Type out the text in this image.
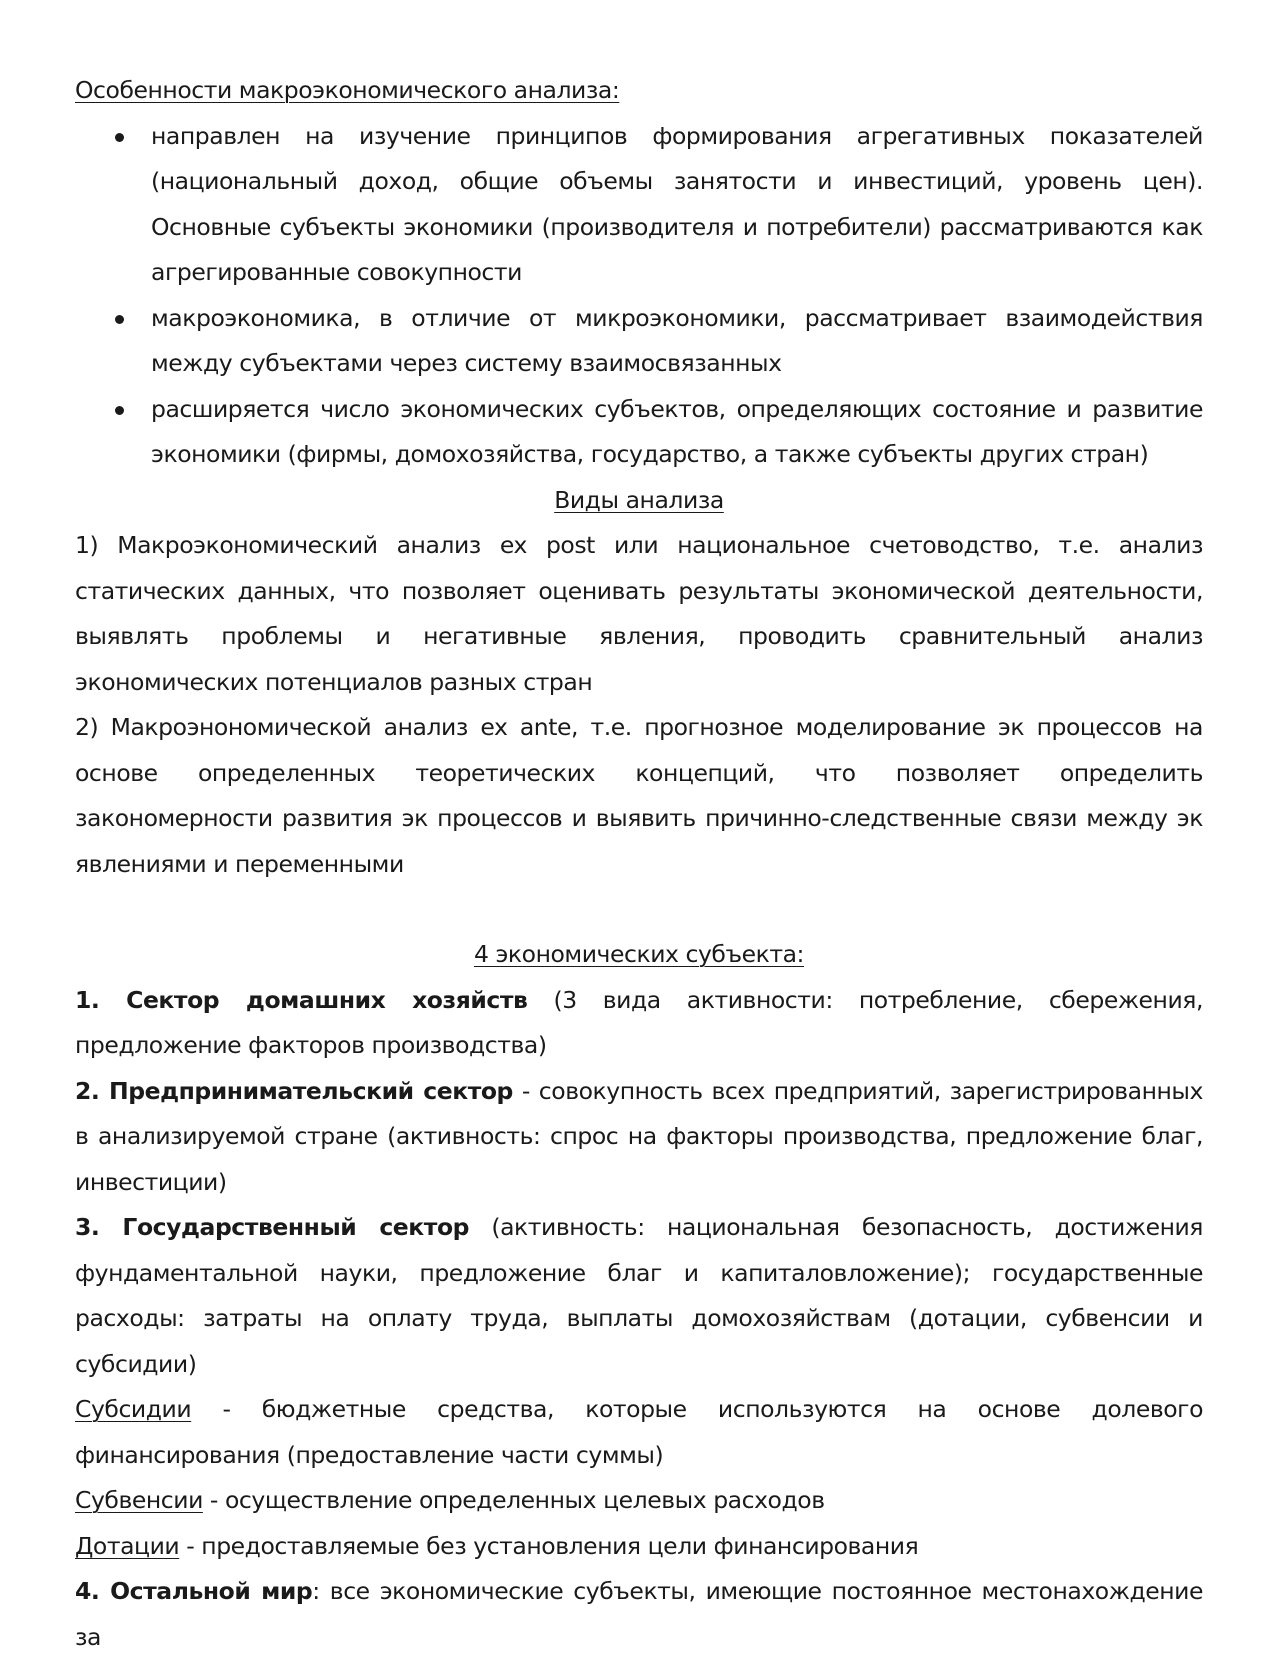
Особенности макроэкономического анализа:

направлен на изучение принципов формирования агрегативных показателей (национальный доход, общие объемы занятости и инвестиций, уровень цен). Основные субъекты экономики (производителя и потребители) рассматриваются как агрегированные совокупности
макроэкономика, в отличие от микроэкономики, рассматривает взаимодействия между субъектами через систему взаимосвязанных
расширяется число экономических субъектов, определяющих состояние и развитие экономики (фирмы, домохозяйства, государство, а также субъекты других стран)

Виды анализа

1) Макроэкономический анализ ex post или национальное счетоводство, т.е. анализ статических данных, что позволяет оценивать результаты экономической деятельности, выявлять проблемы и негативные явления, проводить сравнительный анализ экономических потенциалов разных стран

2) Макроэнономической анализ ex ante, т.е. прогнозное моделирование эк процессов на основе определенных теоретических концепций, что позволяет определить закономерности развития эк процессов и выявить причинно-следственные связи между эк явлениями и переменными

4 экономических субъекта:

1. Сектор домашних хозяйств (3 вида активности: потребление, сбережения, предложение факторов производства)

2. Предпринимательский сектор - совокупность всех предприятий, зарегистрированных в анализируемой стране (активность: спрос на факторы производства, предложение благ, инвестиции)

3. Государственный сектор (активность: национальная безопасность, достижения фундаментальной науки, предложение благ и капиталовложение); государственные расходы: затраты на оплату труда, выплаты домохозяйствам (дотации, субвенсии и субсидии)

Субсидии - бюджетные средства, которые используются на основе долевого финансирования (предоставление части суммы)

Субвенсии - осуществление определенных целевых расходов

Дотации - предоставляемые без установления цели финансирования

4. Остальной мир: все экономические субъекты, имеющие постоянное местонахождение за
